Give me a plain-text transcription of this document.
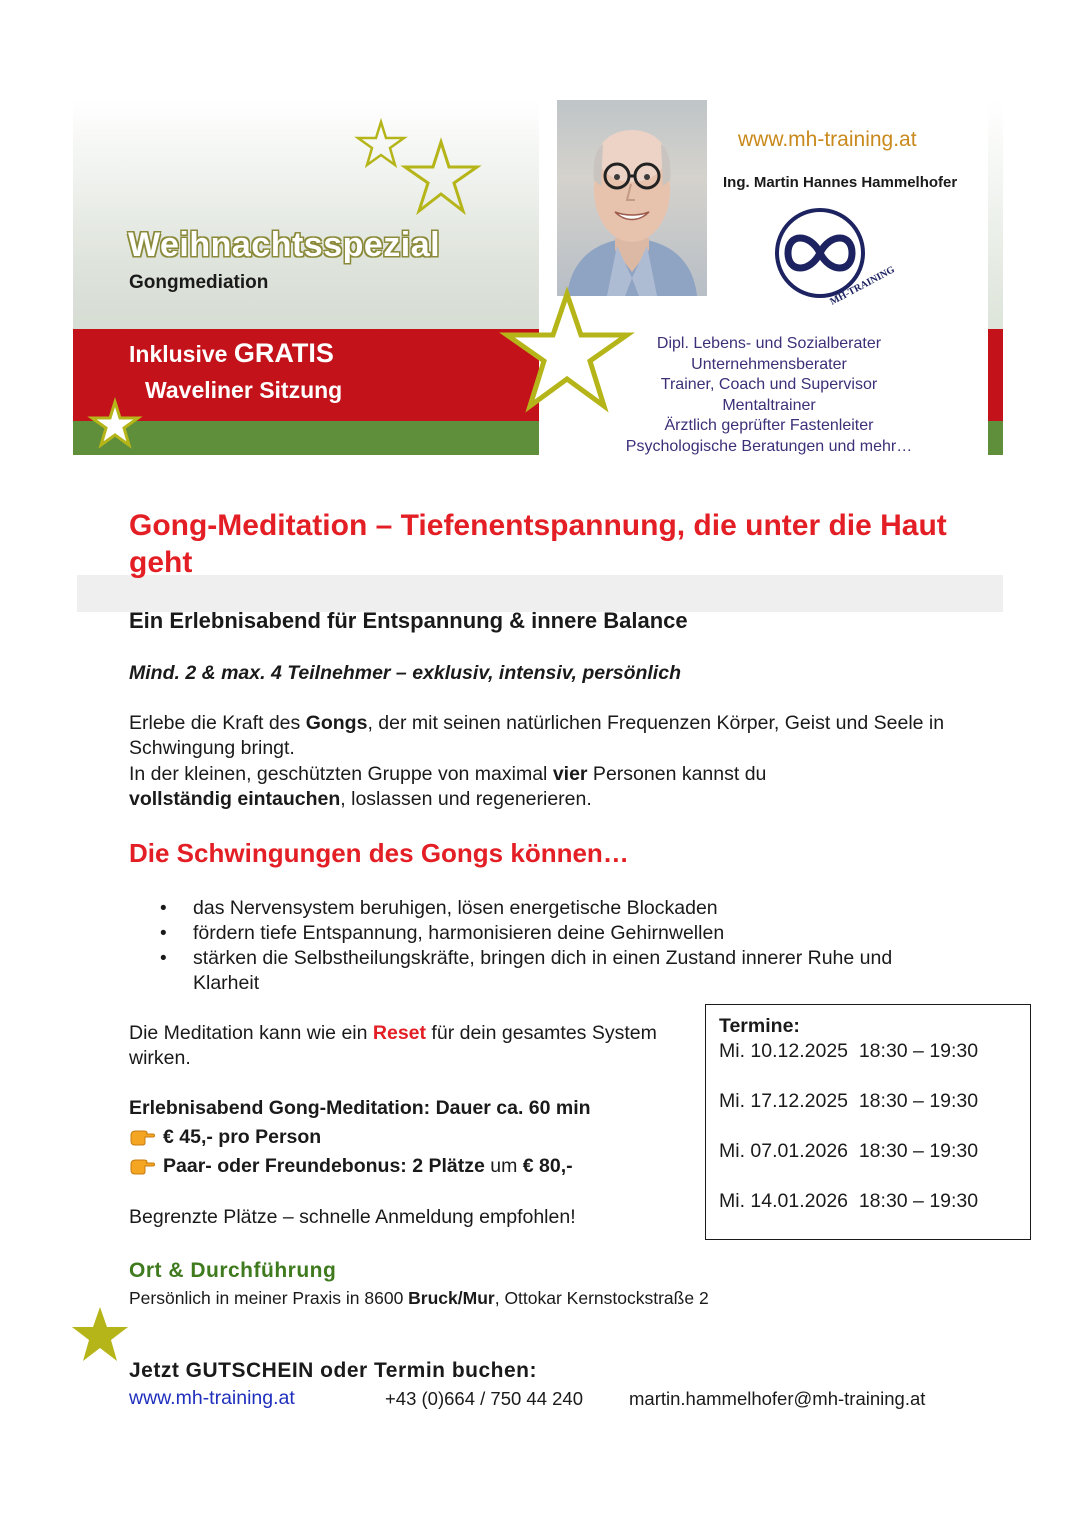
Weihnachtsspezial
Gongmediation
Inklusive GRATIS
Waveliner Sitzung
www.mh-training.at
Ing. Martin Hannes Hammelhofer
MH-TRAINING
Dipl. Lebens- und Sozialberater
Unternehmensberater
Trainer, Coach und Supervisor
Mentaltrainer
Ärztlich geprüfter Fastenleiter
Psychologische Beratungen und mehr…
Gong-Meditation – Tiefenentspannung, die unter die Haut geht
Ein Erlebnisabend für Entspannung & innere Balance
Mind. 2 & max. 4 Teilnehmer – exklusiv, intensiv, persönlich
Erlebe die Kraft des Gongs, der mit seinen natürlichen Frequenzen Körper, Geist und Seele in Schwingung bringt.
In der kleinen, geschützten Gruppe von maximal vier Personen kannst du
vollständig eintauchen, loslassen und regenerieren.
Die Schwingungen des Gongs können…
• das Nervensystem beruhigen, lösen energetische Blockaden
• fördern tiefe Entspannung, harmonisieren deine Gehirnwellen
• stärken die Selbstheilungskräfte, bringen dich in einen Zustand innerer Ruhe und Klarheit
Die Meditation kann wie ein Reset für dein gesamtes System wirken.
Erlebnisabend Gong-Meditation: Dauer ca. 60 min
€ 45,- pro Person
Paar- oder Freundebonus: 2 Plätze um € 80,-
Begrenzte Plätze – schnelle Anmeldung empfohlen!
Termine:
Mi. 10.12.2025  18:30 – 19:30
Mi. 17.12.2025  18:30 – 19:30
Mi. 07.01.2026  18:30 – 19:30
Mi. 14.01.2026  18:30 – 19:30
Ort & Durchführung
Persönlich in meiner Praxis in 8600 Bruck/Mur, Ottokar Kernstockstraße 2
Jetzt GUTSCHEIN oder Termin buchen:
www.mh-training.at	+43 (0)664 / 750 44 240 martin.hammelhofer@mh-training.at
